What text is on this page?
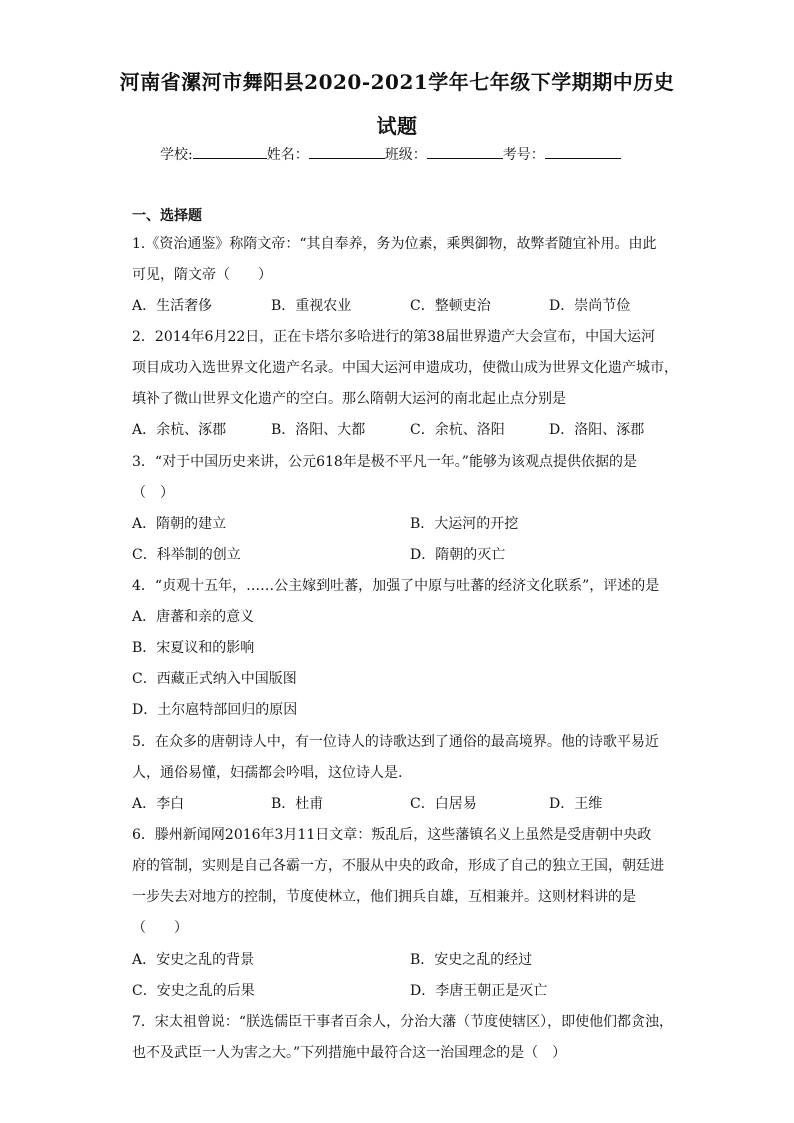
河南省漯河市舞阳县2020-2021学年七年级下学期期中历史
试题
学校:	姓名：	班级：	考号：
一、选择题
1.《资治通鉴》称隋文帝：“其自奉养，务为位素，乘舆御物，故弊者随宜补用。由此
可见，隋文帝（　　）
A．生活奢侈	B．重视农业	C．整顿吏治	D．崇尚节俭
2．2014年6月22日，正在卡塔尔多哈进行的第38届世界遗产大会宣布，中国大运河
项目成功入选世界文化遗产名录。中国大运河申遗成功，使微山成为世界文化遗产城市，
填补了微山世界文化遗产的空白。那么隋朝大运河的南北起止点分别是
A．余杭、涿郡	B．洛阳、大都	C．余杭、洛阳	D．洛阳、涿郡
3．“对于中国历史来讲，公元618年是极不平凡一年。”能够为该观点提供依据的是
（　）
A．隋朝的建立	B．大运河的开挖
C．科举制的创立	D．隋朝的灭亡
4．“贞观十五年，……公主嫁到吐蕃，加强了中原与吐蕃的经济文化联系”，评述的是
A．唐蕃和亲的意义
B．宋夏议和的影响
C．西藏正式纳入中国版图
D．土尔扈特部回归的原因
5．在众多的唐朝诗人中，有一位诗人的诗歌达到了通俗的最高境界。他的诗歌平易近
人，通俗易懂，妇孺都会吟唱，这位诗人是.
A．李白	B．杜甫	C．白居易	D．王维
6．滕州新闻网2016年3月11日文章：叛乱后，这些藩镇名义上虽然是受唐朝中央政
府的管制，实则是自己各霸一方，不服从中央的政命，形成了自己的独立王国，朝廷进
一步失去对地方的控制，节度使林立，他们拥兵自雄，互相兼并。这则材料讲的是
（　　）
A．安史之乱的背景	B．安史之乱的经过
C．安史之乱的后果	D．李唐王朝正是灭亡
7．宋太祖曾说：“朕选儒臣干事者百余人，分治大藩（节度使辖区），即使他们都贪浊，
也不及武臣一人为害之大。”下列措施中最符合这一治国理念的是（　）
